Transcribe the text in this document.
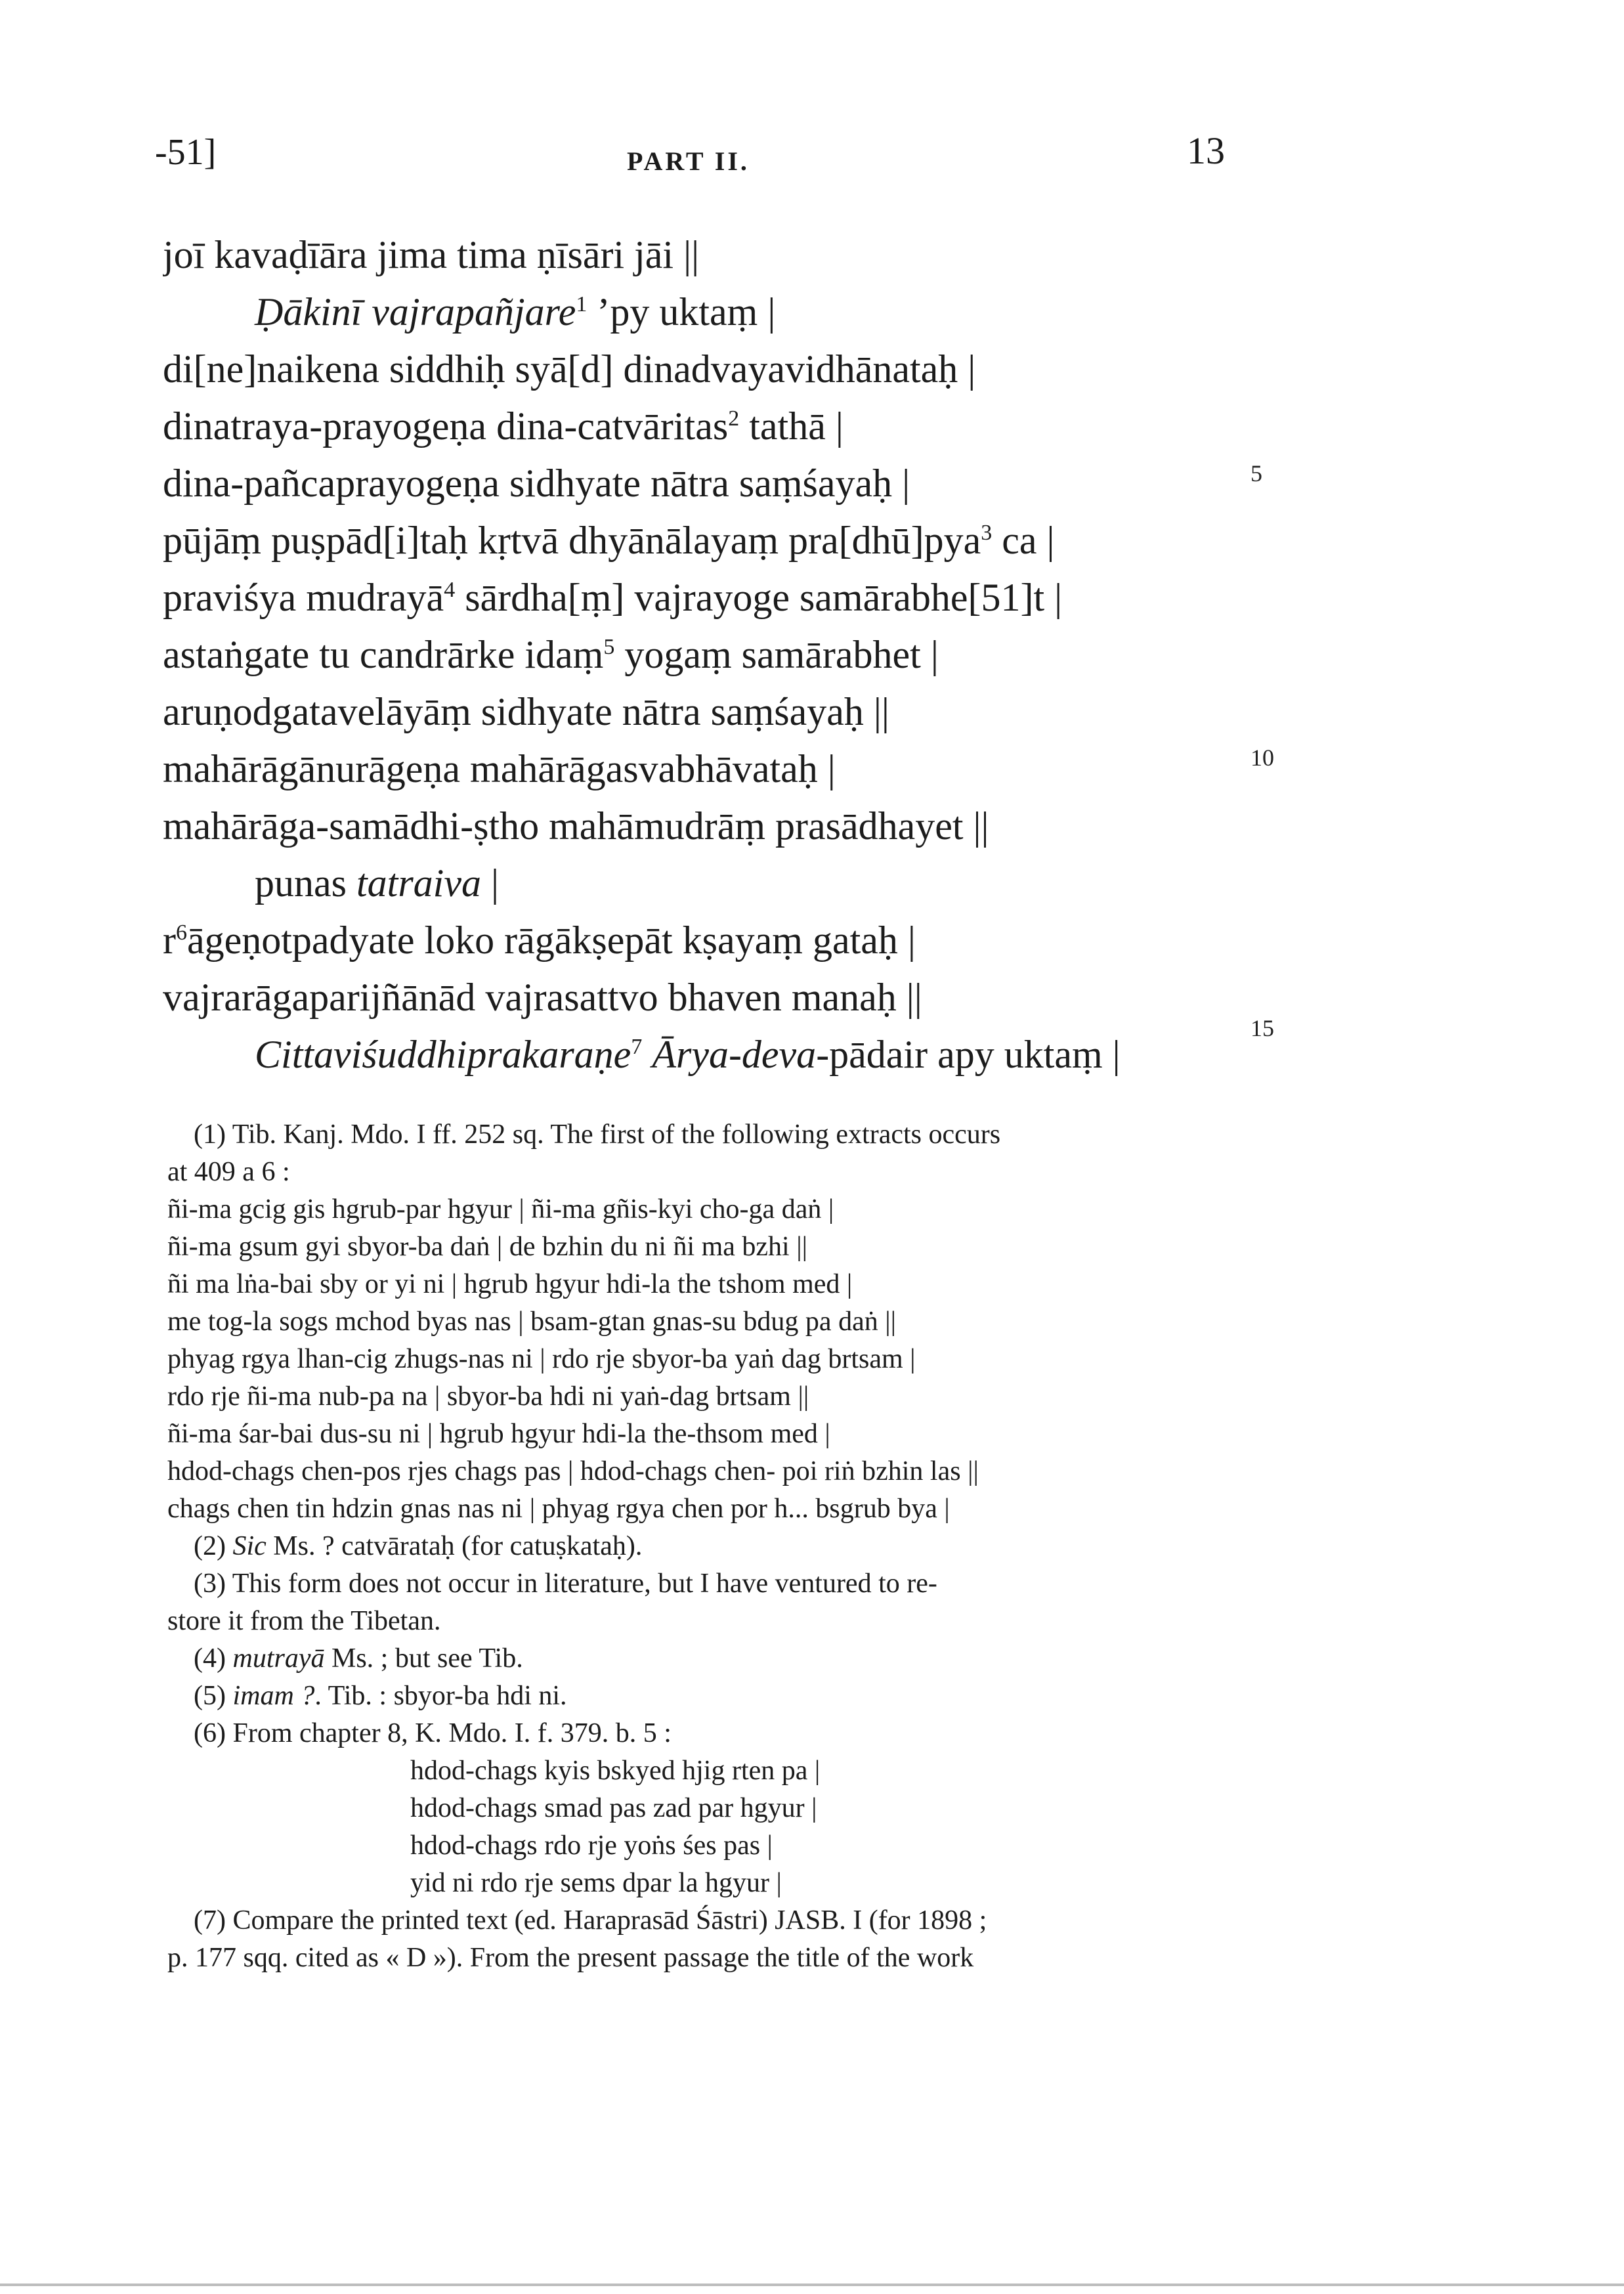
-51]	PART II.	13
joī kavaḍīāra jima tima ṇīsāri jāi ||
Ḍākinī vajrapañjare$^1$ ’py uktaṃ |
di[ne]naikena siddhiḥ syā[d] dinadvayavidhānataḥ |
dinatraya-prayogeṇa dina-catvāritas$^2$ tathā |
dina-pañcaprayogeṇa sidhyate nātra saṃśayaḥ |
pūjāṃ puṣpād[i]taḥ kṛtvā dhyānālayaṃ pra[dhū]pya$^3$ ca |
praviśya mudrayā$^4$ sārdha[ṃ] vajrayoge samārabhe[51]t |
astaṅgate tu candrārke idaṃ$^5$ yogaṃ samārabhet |
aruṇodgatavelāyāṃ sidhyate nātra saṃśayaḥ ||
mahārāgānurāgeṇa mahārāgasvabhāvataḥ |
mahārāga-samādhi-ṣtho mahāmudrāṃ prasādhayet ||
punas tatraiva |
$r^6āgeṇotpadyate$ loko rāgākṣepāt kṣayaṃ gataḥ |
vajrarāgaparijñānād vajrasattvo bhaven manaḥ ||
Cittaviśuddhiprakaraṇe$^7$ Ārya-deva-pādair apy uktaṃ |
5
10
15
(1) Tib. Kanj. Mdo. I ff. 252 sq. The first of the following extracts occurs
at 409 a 6 :
ñi-ma gcig gis hgrub-par hgyur | ñi-ma gñis-kyi cho-ga daṅ |
ñi-ma gsum gyi sbyor-ba daṅ | de bzhin du ni ñi ma bzhi ||
ñi ma lṅa-bai sby or yi ni | hgrub hgyur hdi-la the tshom med |
me tog-la sogs mchod byas nas | bsam-gtan gnas-su bdug pa daṅ ||
phyag rgya lhan-cig zhugs-nas ni | rdo rje sbyor-ba yaṅ dag brtsam |
rdo rje ñi-ma nub-pa na | sbyor-ba hdi ni yaṅ-dag brtsam ||
ñi-ma śar-bai dus-su ni | hgrub hgyur hdi-la the-thsom med |
hdod-chags chen-pos rjes chags pas | hdod-chags chen- poi riṅ bzhin las ||
chags chen tin hdzin gnas nas ni | phyag rgya chen por h... bsgrub bya |
(2) Sic Ms. ? catvārataḥ (for catuṣkataḥ).
(3) This form does not occur in literature, but I have ventured to re-
store it from the Tibetan.
(4) mutrayā Ms. ; but see Tib.
(5) imam ?. Tib. : sbyor-ba hdi ni.
(6) From chapter 8, K. Mdo. I. f. 379. b. 5 :
hdod-chags kyis bskyed hjig rten pa |
hdod-chags smad pas zad par hgyur |
hdod-chags rdo rje yoṅs śes pas |
yid ni rdo rje sems dpar la hgyur |
(7) Compare the printed text (ed. Haraprasād Śāstri) JASB. I (for 1898 ;
p. 177 sqq. cited as « D »). From the present passage the title of the work
